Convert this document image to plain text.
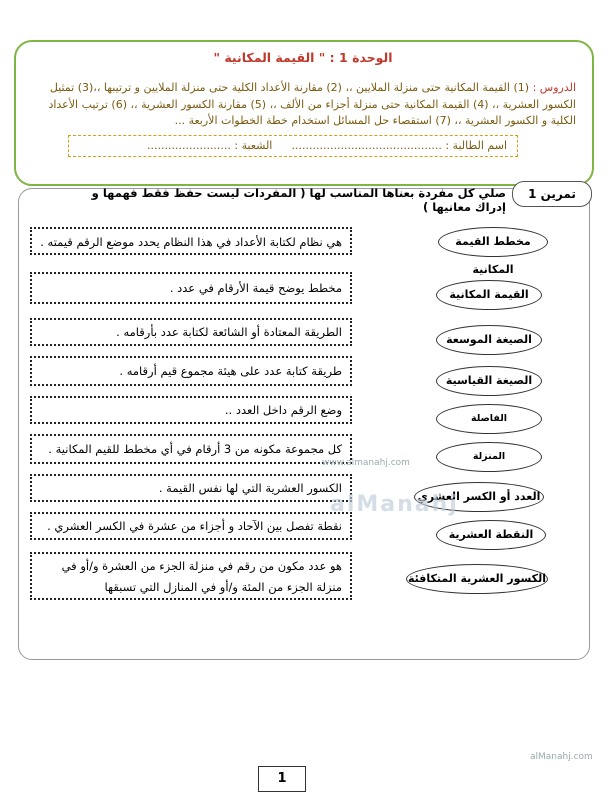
الوحدة 1 : " القيمة المكانية "
الدروس : (1) القيمة المكانية حتى منزلة الملايين ،، (2) مقارنة الأعداد الكلية حتى منزلة الملايين و ترتيبها ،،(3) تمثيل الكسور العشرية ،، (4) القيمة المكانية حتى منزلة أجزاء من الألف ،، (5) مقارنة الكسور العشرية ،، (6) ترتيب الأعداد الكلية و الكسور العشرية ،، (7) استقصاء حل المسائل استخدام خطة الخطوات الأربعة ...
اسم الطالبة : ...........................................
الشعبة : ........................
تمرين 1
صلي كل مفردة بعناها المناسب لها ( المفردات ليست حفظ فقط فهمها و إدراك معانيها )
هي نظام لكتابة الأعداد في هذا النظام يحدد موضع الرقم قيمته .
مخطط يوضح قيمة الأرقام في عدد .
الطريقة المعتادة أو الشائعة لكتابة عدد بأرقامه .
طريقة كتابة عدد على هيئة مجموع قيم أرقامه .
وضع الرقم داخل العدد ..
كل مجموعة مكونه من 3 أرقام في أي مخطط للقيم المكانية .
الكسور العشرية التي لها نفس القيمة .
نقطة تفصل بين الآحاد و أجزاء من عشرة في الكسر العشري .
هو عدد مكون من رقم في منزلة الجزء من العشرة و/أو في منزلة الجزء من المئة و/أو في المنازل التي تسبقها
مخطط القيمة المكانية
القيمة المكانية
الصيغة الموسعة
الصيغة القياسية
الفاصلة
المنزلة
العدد أو الكسر العشري
النقطة العشرية
الكسور العشرية المتكافئة
alManahj
www.almanahj.com
alManahj.com
1
